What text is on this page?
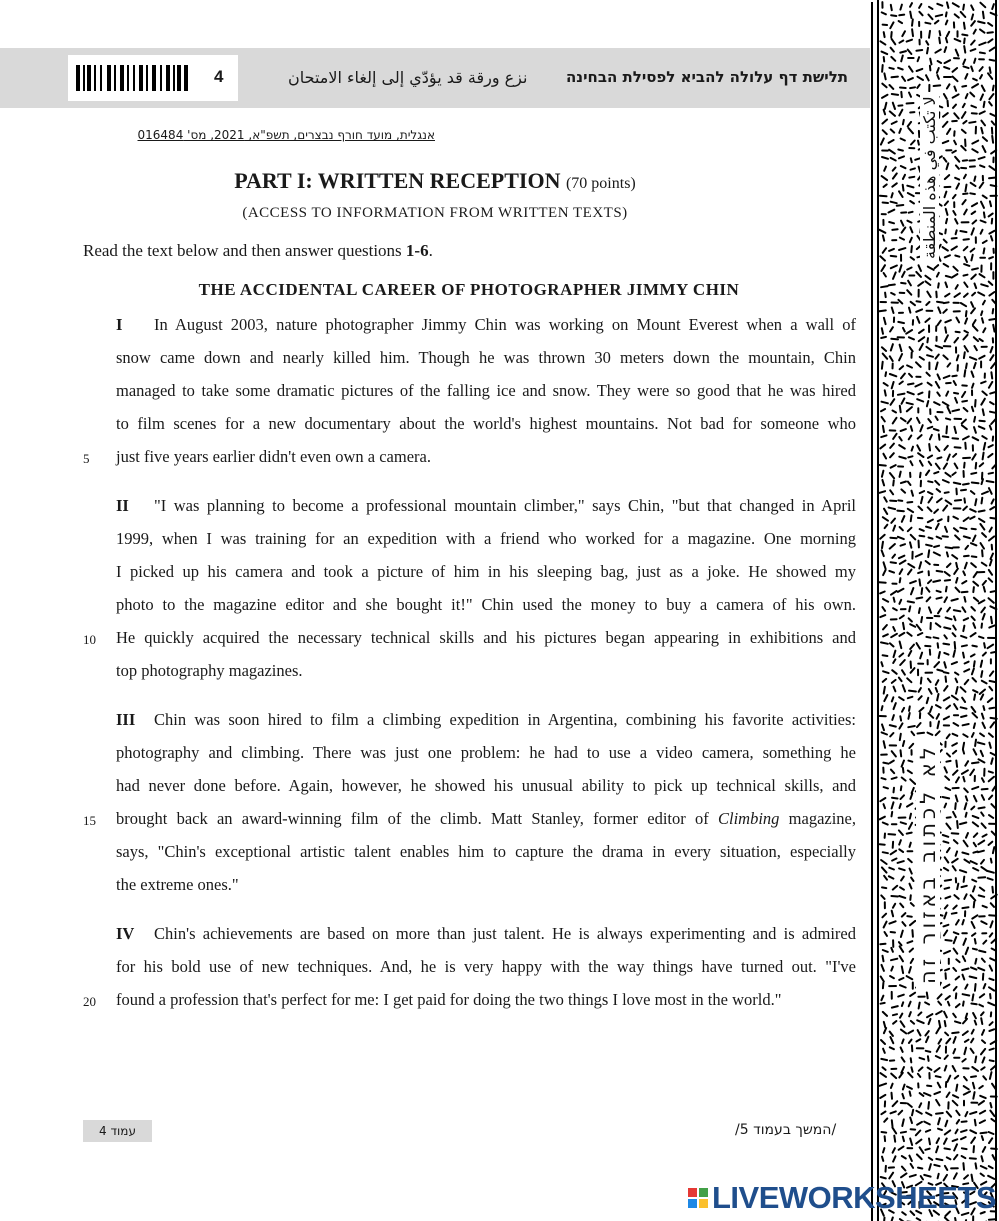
4	نزع ورقة قد يؤدّي إلى إلغاء الامتحان	תלישת דף עלולה להביא לפסילת הבחינה
אנגלית, מועד חורף נבצרים, תשפ"א, 2021, מס' 016484
PART I: WRITTEN RECEPTION (70 points)
(ACCESS TO INFORMATION FROM WRITTEN TEXTS)
Read the text below and then answer questions 1-6.
THE ACCIDENTAL CAREER OF PHOTOGRAPHER JIMMY CHIN
I In August 2003, nature photographer Jimmy Chin was working on Mount Everest when a wall of
snow came down and nearly killed him. Though he was thrown 30 meters down the mountain, Chin
managed to take some dramatic pictures of the falling ice and snow. They were so good that he was hired
to film scenes for a new documentary about the world's highest mountains. Not bad for someone who
just five years earlier didn't even own a camera.
5
II "I was planning to become a professional mountain climber," says Chin, "but that changed in April
1999, when I was training for an expedition with a friend who worked for a magazine. One morning
I picked up his camera and took a picture of him in his sleeping bag, just as a joke. He showed my
photo to the magazine editor and she bought it!" Chin used the money to buy a camera of his own.
He quickly acquired the necessary technical skills and his pictures began appearing in exhibitions and
10
top photography magazines.
III Chin was soon hired to film a climbing expedition in Argentina, combining his favorite activities:
photography and climbing. There was just one problem: he had to use a video camera, something he
had never done before. Again, however, he showed his unusual ability to pick up technical skills, and
brought back an award-winning film of the climb. Matt Stanley, former editor of Climbing magazine,
15
says, "Chin's exceptional artistic talent enables him to capture the drama in every situation, especially
the extreme ones."
IV Chin's achievements are based on more than just talent. He is always experimenting and is admired
for his bold use of new techniques. And, he is very happy with the way things have turned out. "I've
found a profession that's perfect for me: I get paid for doing the two things I love most in the world."
20
עמוד 4	/המשך בעמוד 5/
لا تكتب في هذه المنطقة
לא לכתוב באזור זה
LIVEWORKSHEETS
